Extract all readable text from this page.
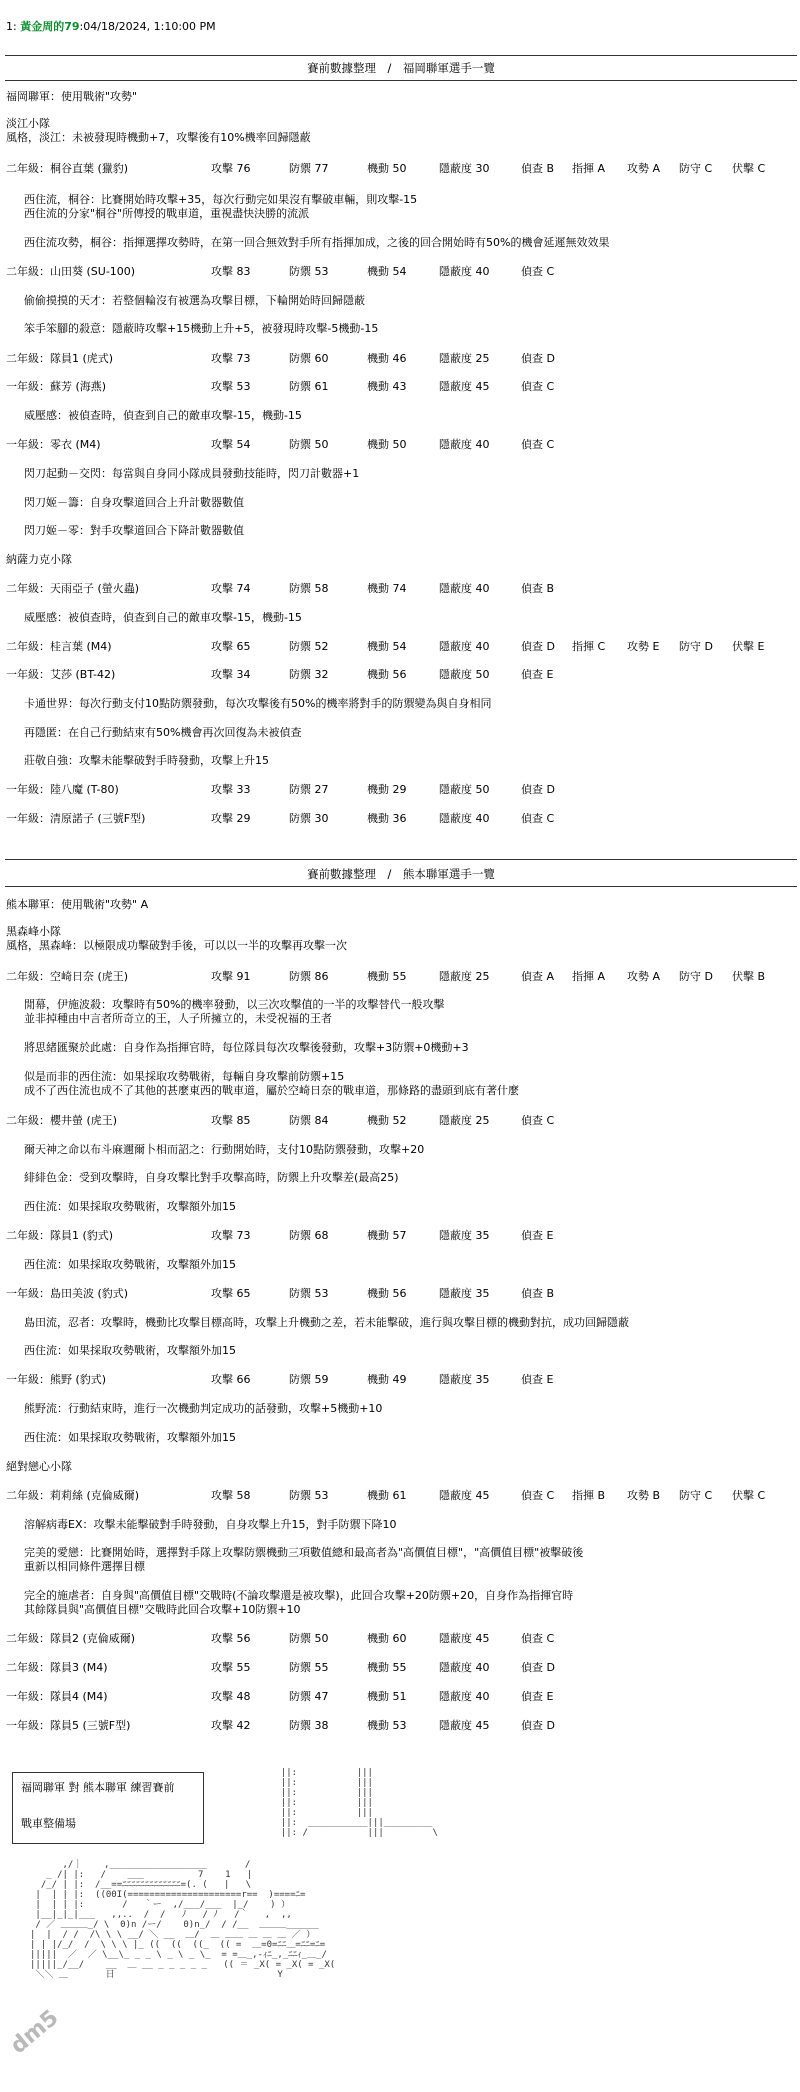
1: 黃金周的79:04/18/2024, 1:10:00 PM
賽前數據整理　/　福岡聯軍選手一覽
福岡聯軍：使用戰術"攻勢"
淡江小隊
風格，淡江：未被發現時機動+7，攻擊後有10%機率回歸隱蔽
二年級：桐谷直葉 (獵豹)	攻擊 76	防禦 77	機動 50	隱蔽度 30	偵查 B 指揮 A 攻勢 A 防守 C 伏擊 C
西住流，桐谷：比賽開始時攻擊+35，每次行動完如果沒有擊破車輛，則攻擊-15
西住流的分家"桐谷"所傳授的戰車道，重視盡快決勝的流派
西住流攻勢，桐谷：指揮選擇攻勢時，在第一回合無效對手所有指揮加成，之後的回合開始時有50%的機會延遲無效效果
二年級：山田葵 (SU-100)	攻擊 83	防禦 53	機動 54	隱蔽度 40	偵查 C
偷偷摸摸的天才：若整個輪沒有被選為攻擊目標，下輪開始時回歸隱蔽
笨手笨腳的殺意：隱蔽時攻擊+15機動上升+5，被發現時攻擊-5機動-15
二年級：隊員1 (虎式)	攻擊 73	防禦 60	機動 46	隱蔽度 25	偵查 D
一年級：蘇芳 (海燕)	攻擊 53	防禦 61	機動 43	隱蔽度 45	偵查 C
威壓感：被偵查時，偵查到自己的敵車攻擊-15，機動-15
一年級：零衣 (M4)	攻擊 54	防禦 50	機動 50	隱蔽度 40	偵查 C
閃刀起動－交閃：每當與自身同小隊成員發動技能時，閃刀計數器+1
閃刀姬－籌：自身攻擊道回合上升計數器數值
閃刀姬－零：對手攻擊道回合下降計數器數值
納薩力克小隊
二年級：天雨亞子 (螢火蟲)	攻擊 74	防禦 58	機動 74	隱蔽度 40	偵查 B
威壓感：被偵查時，偵查到自己的敵車攻擊-15，機動-15
二年級：桂言葉 (M4)	攻擊 65	防禦 52	機動 54	隱蔽度 40	偵查 D 指揮 C 攻勢 E 防守 D 伏擊 E
一年級：艾莎 (BT-42)	攻擊 34	防禦 32	機動 56	隱蔽度 50	偵查 E
卡通世界：每次行動支付10點防禦發動，每次攻擊後有50%的機率將對手的防禦變為與自身相同
再隱匿：在自己行動結束有50%機會再次回復為未被偵查
莊敬自強：攻擊未能擊破對手時發動，攻擊上升15
一年級：陸八魔 (T-80)	攻擊 33	防禦 27	機動 29	隱蔽度 50	偵查 D
一年級：清原諾子 (三號F型)	攻擊 29	防禦 30	機動 36	隱蔽度 40	偵查 C
賽前數據整理　/　熊本聯軍選手一覽
熊本聯軍：使用戰術"攻勢" A
黑森峰小隊
風格，黑森峰：以極限成功擊破對手後，可以以一半的攻擊再攻擊一次
二年級：空崎日奈 (虎王)	攻擊 91	防禦 86	機動 55	隱蔽度 25	偵查 A 指揮 A 攻勢 A 防守 D 伏擊 B
閒幕，伊施波殺：攻擊時有50%的機率發動，以三次攻擊值的一半的攻擊替代一般攻擊
並非掉種由中言者所奇立的王，人子所擁立的，未受祝福的王者
將思緒匯聚於此處：自身作為指揮官時，每位隊員每次攻擊後發動，攻擊+3防禦+0機動+3
似是而非的西住流：如果採取攻勢戰術，每輛自身攻擊前防禦+15
成不了西住流也成不了其他的甚麼東西的戰車道，屬於空崎日奈的戰車道，那條路的盡頭到底有著什麼
二年級：櫻井螢 (虎王)	攻擊 85	防禦 84	機動 52	隱蔽度 25	偵查 C
爾天神之命以布斗麻邇爾卜相而詔之：行動開始時，支付10點防禦發動，攻擊+20
緋緋色金：受到攻擊時，自身攻擊比對手攻擊高時，防禦上升攻擊差(最高25)
西住流：如果採取攻勢戰術，攻擊額外加15
二年級：隊員1 (豹式)	攻擊 73	防禦 68	機動 57	隱蔽度 35	偵查 E
西住流：如果採取攻勢戰術，攻擊額外加15
一年級：島田美波 (豹式)	攻擊 65	防禦 53	機動 56	隱蔽度 35	偵查 B
島田流，忍者：攻擊時，機動比攻擊目標高時，攻擊上升機動之差，若未能擊破，進行與攻擊目標的機動對抗，成功回歸隱蔽
西住流：如果採取攻勢戰術，攻擊額外加15
一年級：熊野 (豹式)	攻擊 66	防禦 59	機動 49	隱蔽度 35	偵查 E
熊野流：行動結束時，進行一次機動判定成功的話發動，攻擊+5機動+10
西住流：如果採取攻勢戰術，攻擊額外加15
絕對戀心小隊
二年級：莉莉絲 (克倫威爾)	攻擊 58	防禦 53	機動 61	隱蔽度 45	偵查 C 指揮 B 攻勢 B 防守 C 伏擊 C
溶解病毒EX：攻擊未能擊破對手時發動，自身攻擊上升15，對手防禦下降10
完美的愛戀：比賽開始時，選擇對手隊上攻擊防禦機動三項數值總和最高者為"高價值目標"，"高價值目標"被擊破後
重新以相同條件選擇目標
完全的施虐者：自身與"高價值目標"交戰時(不論攻擊還是被攻擊)，此回合攻擊+20防禦+20，自身作為指揮官時
其餘隊員與"高價值目標"交戰時此回合攻擊+10防禦+10
二年級：隊員2 (克倫威爾)	攻擊 56	防禦 50	機動 60	隱蔽度 45	偵查 C
二年級：隊員3 (M4)	攻擊 55	防禦 55	機動 55	隱蔽度 40	偵查 D
一年級：隊員4 (M4)	攻擊 48	防禦 47	機動 51	隱蔽度 40	偵查 E
一年級：隊員5 (三號F型)	攻擊 42	防禦 38	機動 53	隱蔽度 45	偵查 D
福岡聯軍 對 熊本聯軍 練習賽前
戰車整備場
||:           |||
||:           |||
||:           |||
||:           |||
||:           |||
||:  ___________|||_________
||: /           |||         \

,/｜    ,__________________       /
_ /| |:   /    ___          7    1   |
/_/ | |:  /__==ﾆﾆﾆﾆﾆﾆﾆﾆﾆﾆﾆﾆﾆ=(. (   |   \
|  | | |:  ((00I(=====================r==  )====ﾆ=
|  | | |:       /   ｀ー  ,/___/___  |_/    ) ）
|__|_|_|___   ,,..  /  /   ﾉ   / ﾉ   /｀   ,  ,,
/ ／ ＿＿＿_/ \  0)n /ー/    0)n_/  / /__  ＿＿＿______
|  |  / /  /\ \ \ __/ ＼ __  ＿/  ＿ ＿＿ ＿ ＿ ＿ ／ ）
| | |/_/  /  \ \ \ |_ ((  ((  ((_  (( =  ＿=0=ﾆﾆ＿=ﾆﾆ=ﾆ=
|||||  ／  ／ \__\_ _ _ \ _ \ _ \_  = =＿_,-ｨﾆ_,_ﾆﾆｨ_＿_/
|||||_/__/    __  ＿ __ _ _ _ _ _   (( ＝ _X( = _X( = _X(
＼＼ ＿       日                              Y
dm5
